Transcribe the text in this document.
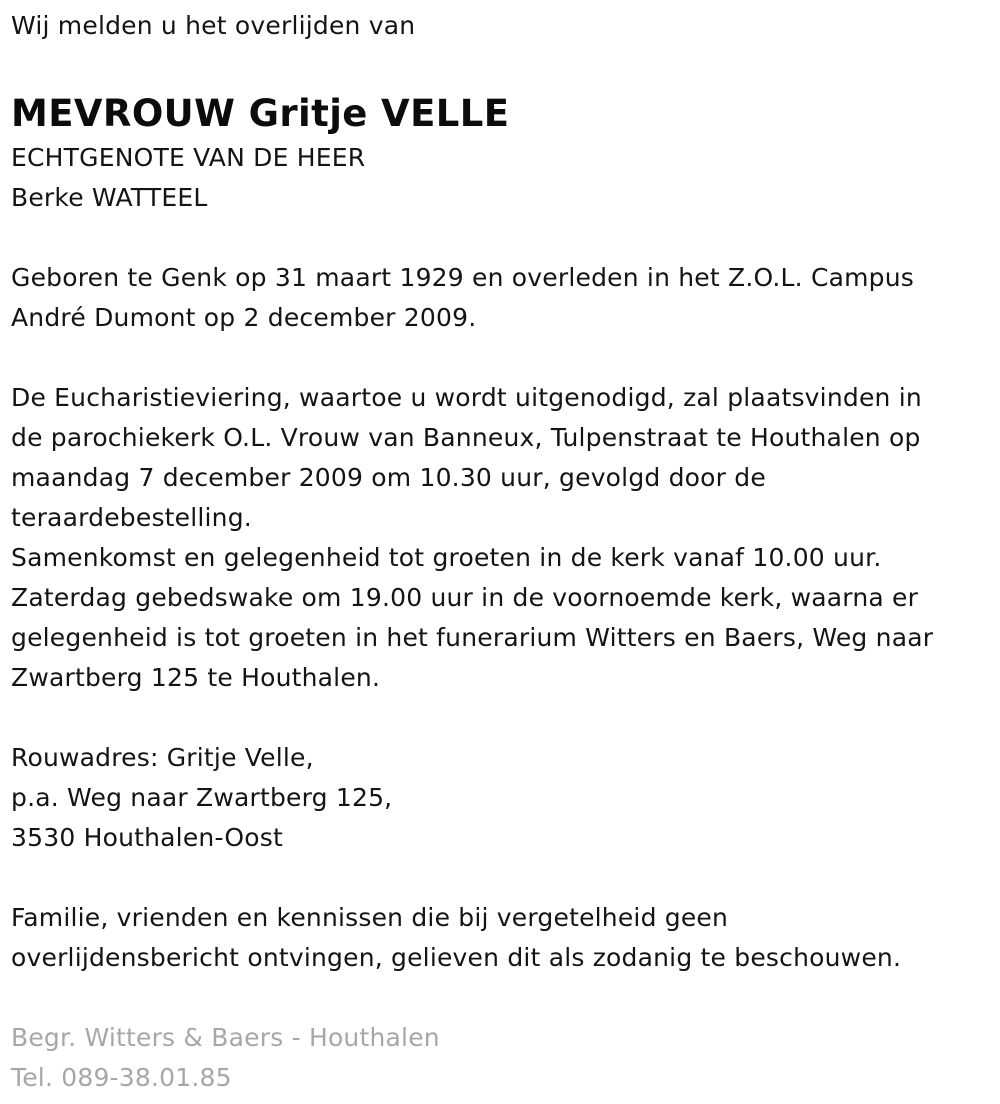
Wij melden u het overlijden van
MEVROUW Gritje VELLE
ECHTGENOTE VAN DE HEER
Berke WATTEEL
Geboren te Genk op 31 maart 1929 en overleden in het Z.O.L. Campus
André Dumont op 2 december 2009.
De Eucharistieviering, waartoe u wordt uitgenodigd, zal plaatsvinden in
de parochiekerk O.L. Vrouw van Banneux, Tulpenstraat te Houthalen op
maandag 7 december 2009 om 10.30 uur, gevolgd door de
teraardebestelling.
Samenkomst en gelegenheid tot groeten in de kerk vanaf 10.00 uur.
Zaterdag gebedswake om 19.00 uur in de voornoemde kerk, waarna er
gelegenheid is tot groeten in het funerarium Witters en Baers, Weg naar
Zwartberg 125 te Houthalen.
Rouwadres: Gritje Velle,
p.a. Weg naar Zwartberg 125,
3530 Houthalen-Oost
Familie, vrienden en kennissen die bij vergetelheid geen
overlijdensbericht ontvingen, gelieven dit als zodanig te beschouwen.
Begr. Witters & Baers - Houthalen
Tel. 089-38.01.85
